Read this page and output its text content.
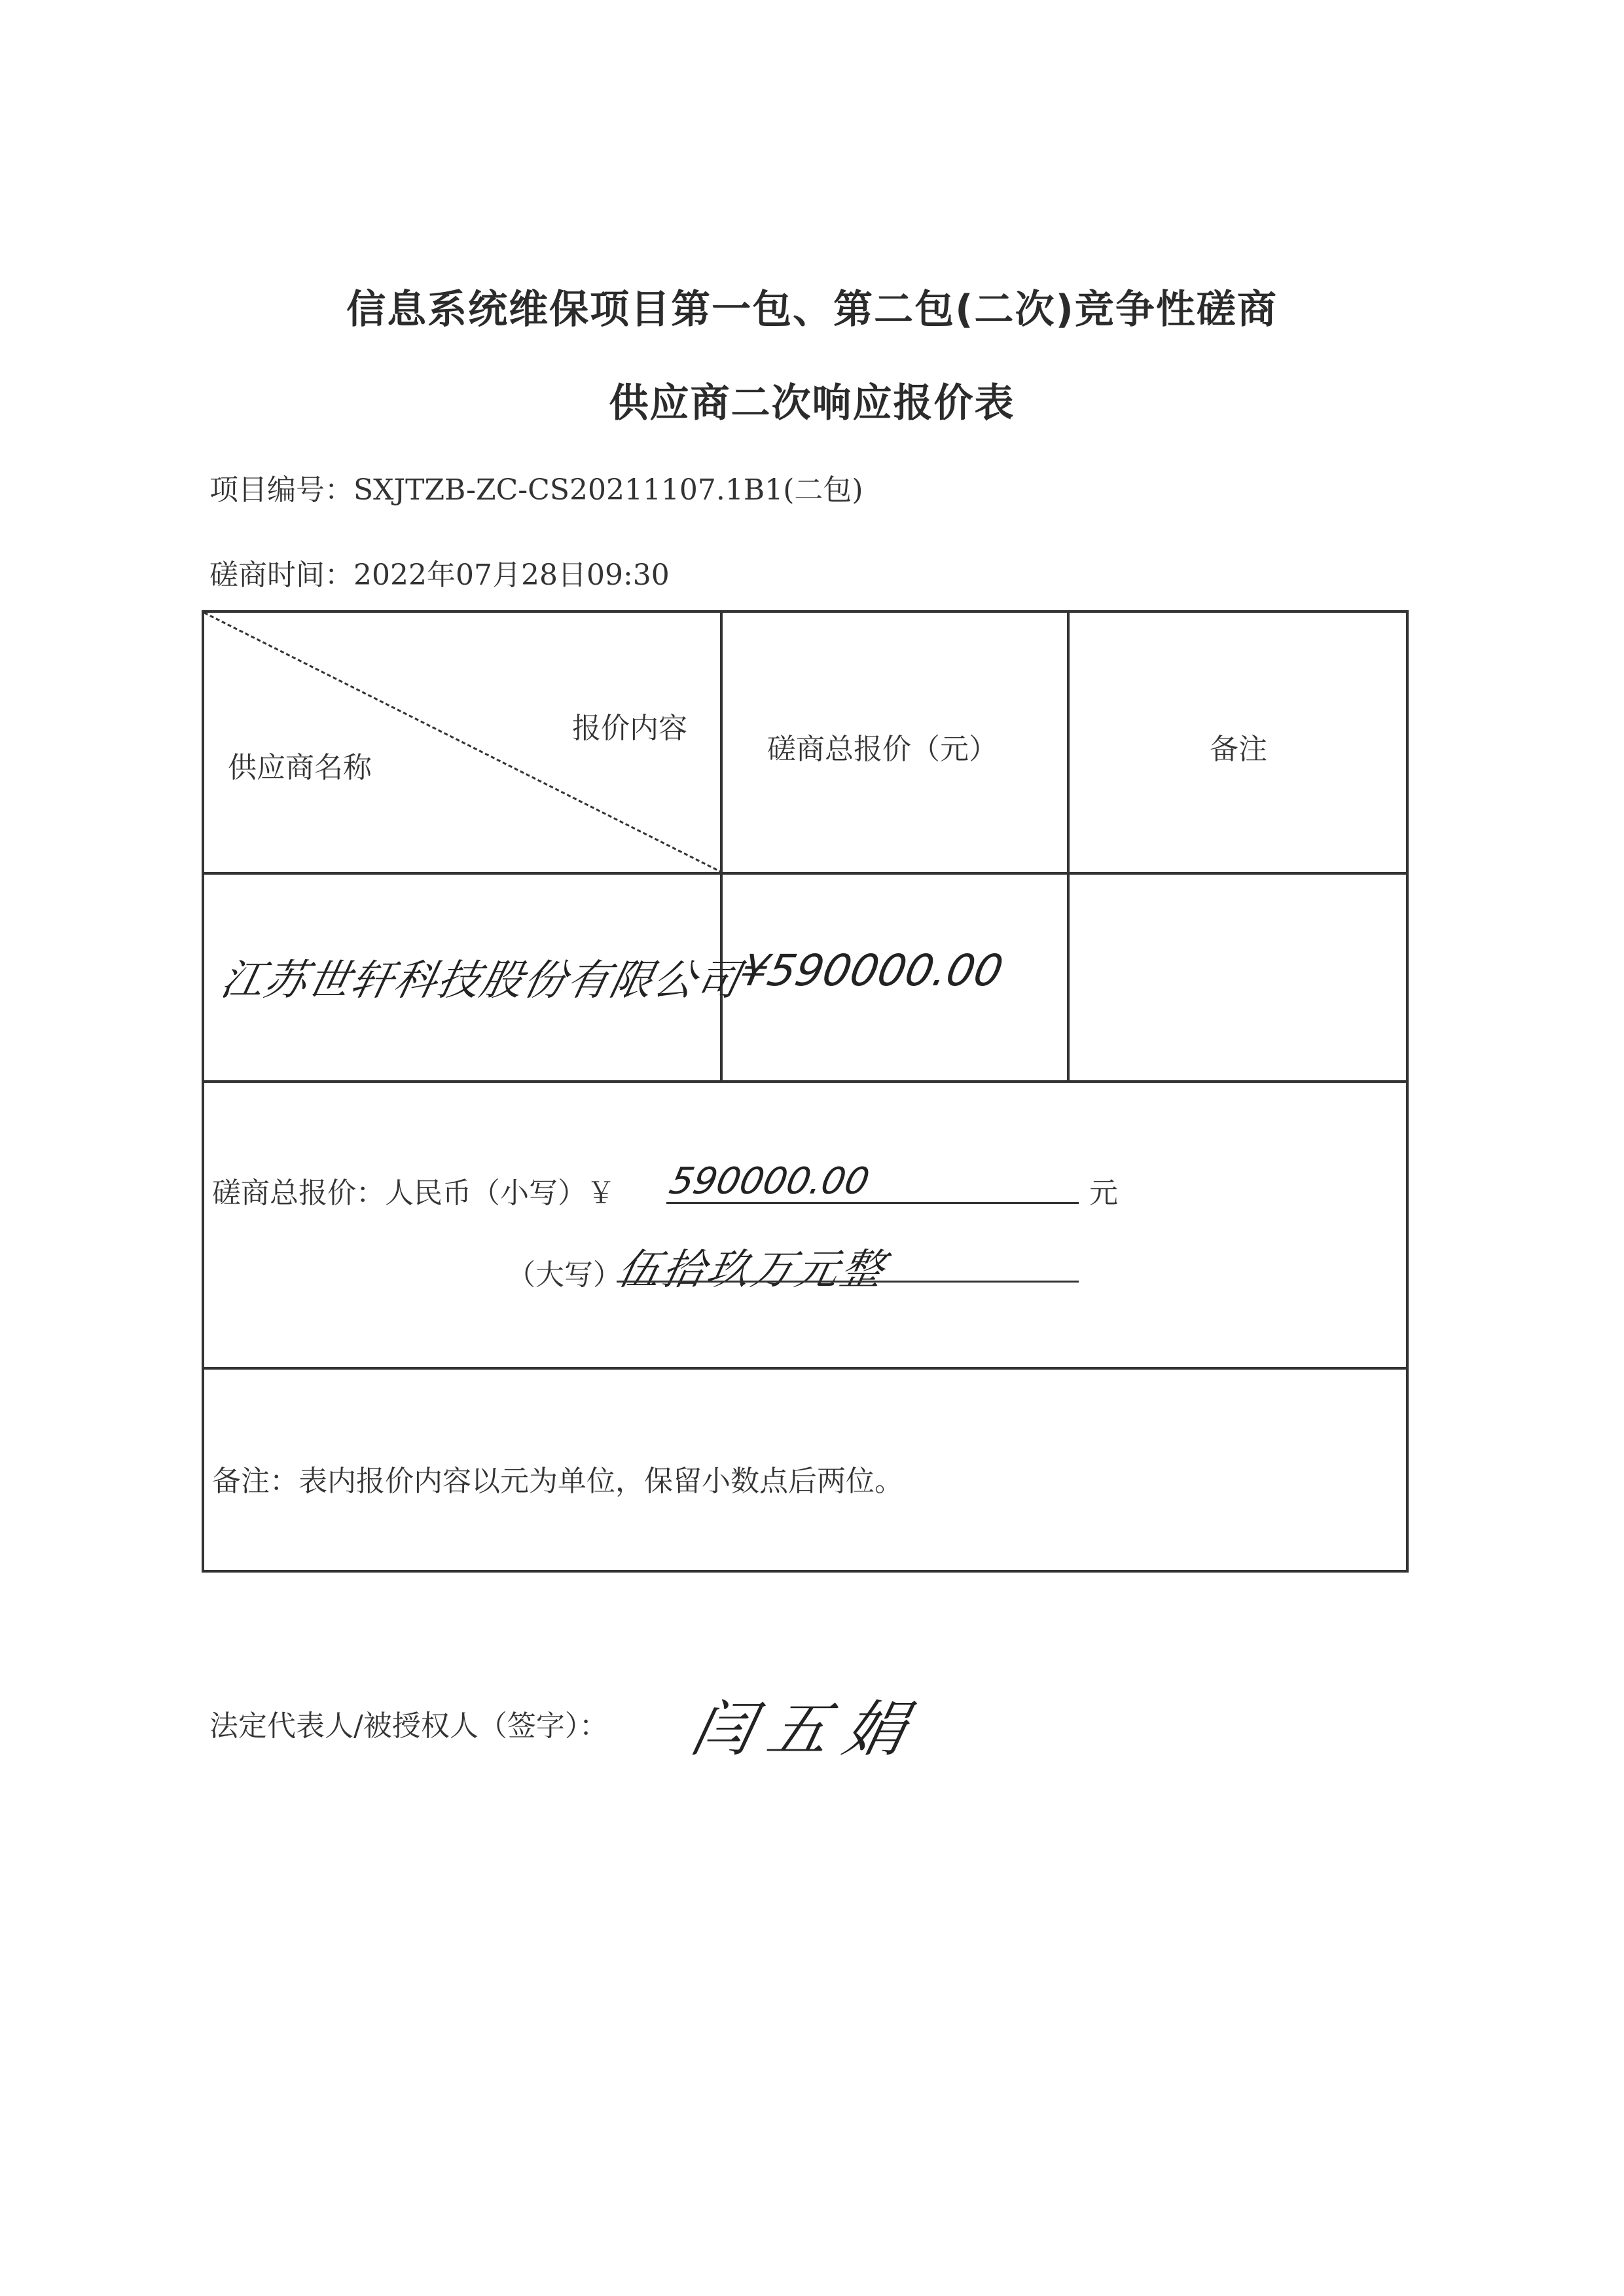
信息系统维保项目第一包、第二包(二次)竞争性磋商
供应商二次响应报价表
项目编号：SXJTZB-ZC-CS20211107.1B1(二包)
磋商时间：2022年07月28日09:30
报价内容
供应商名称
磋商总报价（元）	备注
江苏世轩科技股份有限公司
¥590000.00
磋商总报价：人民币（小写）￥ 590000.00	元
（大写）
伍拾玖万元整
备注：表内报价内容以元为单位，保留小数点后两位。
法定代表人/被授权人（签字）： 闫五娟
